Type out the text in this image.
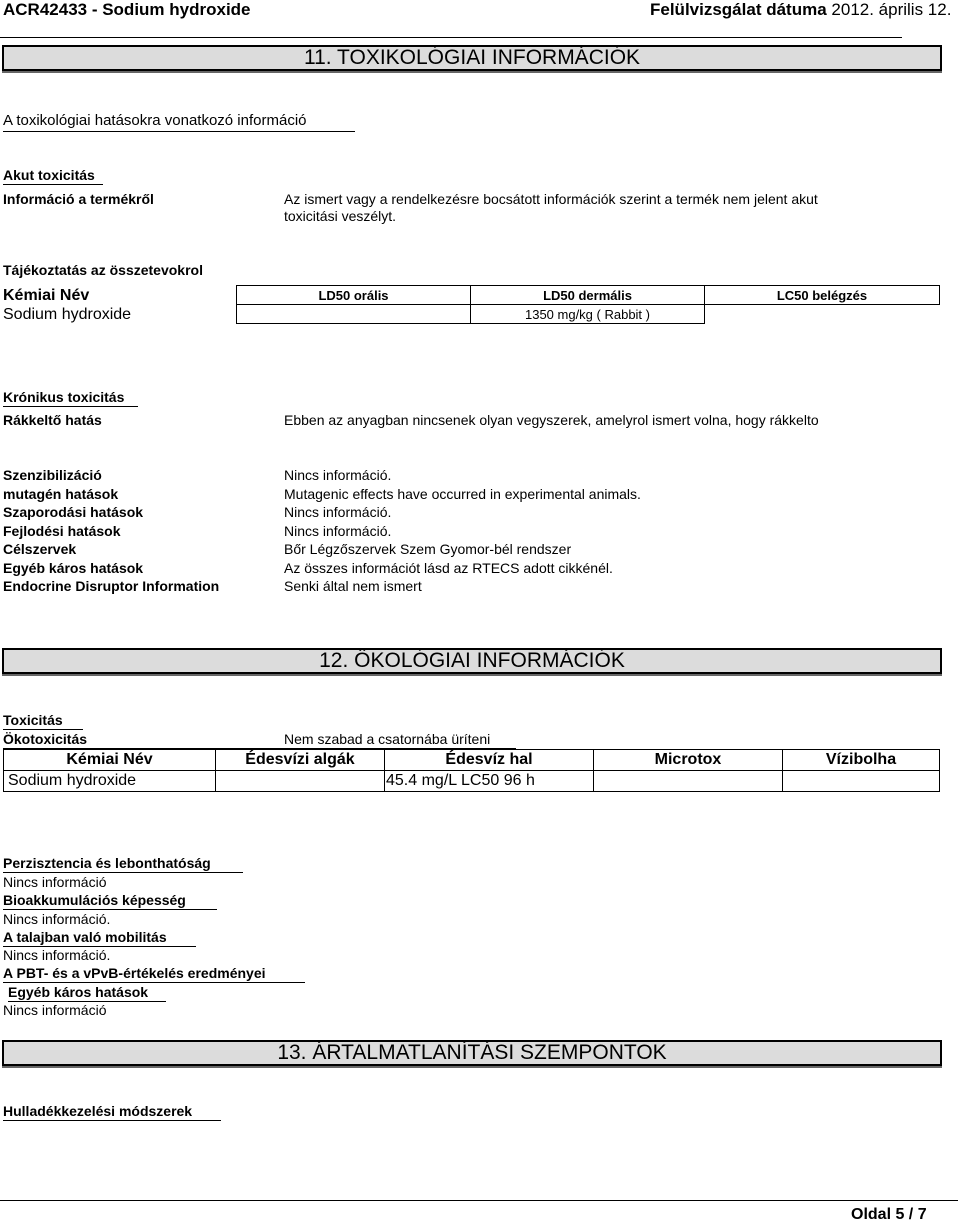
ACR42433 - Sodium hydroxide	Felülvizsgálat dátuma 2012. április 12.
11. TOXIKOLÓGIAI INFORMÁCIÓK
A toxikológiai hatásokra vonatkozó információ
Akut toxicitás
Információ a termékről	Az ismert vagy a rendelkezésre bocsátott információk szerint a termék nem jelent akut
toxicitási veszélyt.
Tájékoztatás az összetevokrol
Kémiai Név
Sodium hydroxide
LD50 orális	LD50 dermális	LC50 belégzés
	1350 mg/kg ( Rabbit )	
Krónikus toxicitás
Rákkeltő hatás	Ebben az anyagban nincsenek olyan vegyszerek, amelyrol ismert volna, hogy rákkelto
Szenzibilizáció	Nincs információ.
mutagén hatások	Mutagenic effects have occurred in experimental animals.
Szaporodási hatások	Nincs információ.
Fejlodési hatások	Nincs információ.
Célszervek	Bőr Légzőszervek Szem Gyomor-bél rendszer
Egyéb káros hatások	Az összes információt lásd az RTECS adott cikkénél.
Endocrine Disruptor Information	Senki által nem ismert
12. ÖKOLÓGIAI INFORMÁCIÓK
Toxicitás
Ökotoxicitás	Nem szabad a csatornába üríteni
Kémiai Név	Édesvízi algák	Édesvíz hal	Microtox	Vízibolha
Sodium hydroxide		45.4 mg/L LC50 96 h		
Perzisztencia és lebonthatóság
Nincs információ
Bioakkumulációs képesség
Nincs információ.
A talajban való mobilitás
Nincs információ.
A PBT- és a vPvB-értékelés eredményei
Egyéb káros hatások
Nincs információ
13. ÁRTALMATLANÍTÁSI SZEMPONTOK
Hulladékkezelési módszerek
Oldal 5 / 7
